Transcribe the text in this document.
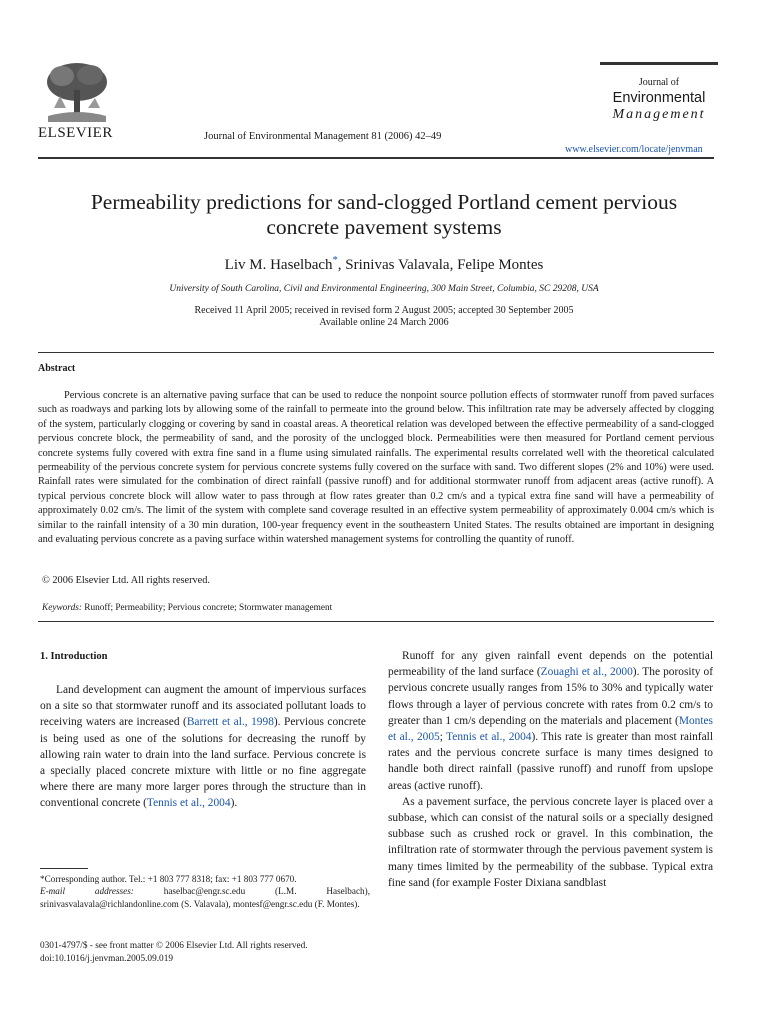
ELSEVIER	Journal of Environmental Management 81 (2006) 42–49
Journal of
Environmental
Management
www.elsevier.com/locate/jenvman
Permeability predictions for sand-clogged Portland cement pervious
concrete pavement systems
Liv M. Haselbach*, Srinivas Valavala, Felipe Montes
University of South Carolina, Civil and Environmental Engineering, 300 Main Street, Columbia, SC 29208, USA
Received 11 April 2005; received in revised form 2 August 2005; accepted 30 September 2005
Available online 24 March 2006
Abstract
Pervious concrete is an alternative paving surface that can be used to reduce the nonpoint source pollution effects of stormwater runoff from paved surfaces such as roadways and parking lots by allowing some of the rainfall to permeate into the ground below. This infiltration rate may be adversely affected by clogging of the system, particularly clogging or covering by sand in coastal areas. A theoretical relation was developed between the effective permeability of a sand-clogged pervious concrete block, the permeability of sand, and the porosity of the unclogged block. Permeabilities were then measured for Portland cement pervious concrete systems fully covered with extra fine sand in a flume using simulated rainfalls. The experimental results correlated well with the theoretical calculated permeability of the pervious concrete system for pervious concrete systems fully covered on the surface with sand. Two different slopes (2% and 10%) were used. Rainfall rates were simulated for the combination of direct rainfall (passive runoff) and for additional stormwater runoff from adjacent areas (active runoff). A typical pervious concrete block will allow water to pass through at flow rates greater than 0.2 cm/s and a typical extra fine sand will have a permeability of approximately 0.02 cm/s. The limit of the system with complete sand coverage resulted in an effective system permeability of approximately 0.004 cm/s which is similar to the rainfall intensity of a 30 min duration, 100-year frequency event in the southeastern United States. The results obtained are important in designing and evaluating pervious concrete as a paving surface within watershed management systems for controlling the quantity of runoff.
© 2006 Elsevier Ltd. All rights reserved.
Keywords: Runoff; Permeability; Pervious concrete; Stormwater management
1. Introduction
Land development can augment the amount of impervious surfaces on a site so that stormwater runoff and its associated pollutant loads to receiving waters are increased (Barrett et al., 1998). Pervious concrete is being used as one of the solutions for decreasing the runoff by allowing rain water to drain into the land surface. Pervious concrete is a specially placed concrete mixture with little or no fine aggregate where there are many more larger pores through the structure than in conventional concrete (Tennis et al., 2004).
*Corresponding author. Tel.: +1 803 777 8318; fax: +1 803 777 0670.
E-mail addresses: haselbac@engr.sc.edu (L.M. Haselbach), srinivasvalavala@richlandonline.com (S. Valavala), montesf@engr.sc.edu (F. Montes).
0301-4797/$ - see front matter © 2006 Elsevier Ltd. All rights reserved.
doi:10.1016/j.jenvman.2005.09.019

Runoff for any given rainfall event depends on the potential permeability of the land surface (Zouaghi et al., 2000). The porosity of pervious concrete usually ranges from 15% to 30% and typically water flows through a layer of pervious concrete with rates from 0.2 cm/s to greater than 1 cm/s depending on the materials and placement (Montes et al., 2005; Tennis et al., 2004). This rate is greater than most rainfall rates and the pervious concrete surface is many times designed to handle both direct rainfall (passive runoff) and runoff from upslope areas (active runoff).

As a pavement surface, the pervious concrete layer is placed over a subbase, which can consist of the natural soils or a specially designed subbase such as crushed rock or gravel. In this combination, the infiltration rate of stormwater through the pervious pavement system is many times limited by the permeability of the subbase. Typical extra fine sand (for example Foster Dixiana sandblast
